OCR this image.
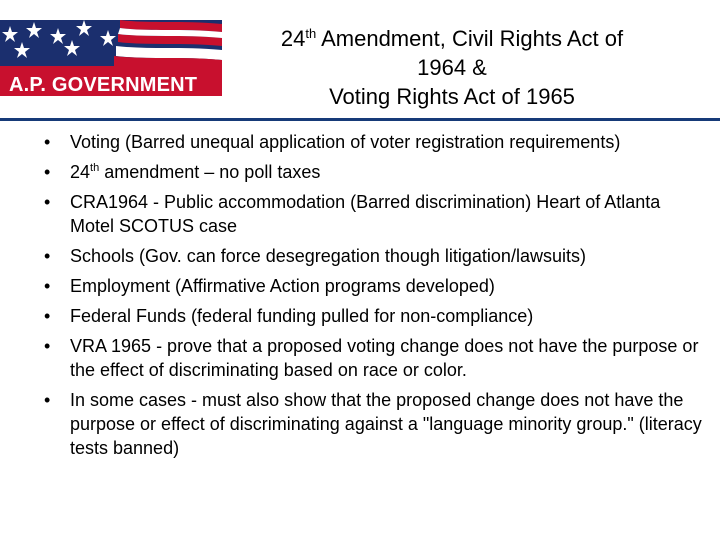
A.P. GOVERNMENT
24th Amendment, Civil Rights Act of
1964 &
Voting Rights Act of 1965
• Voting (Barred unequal application of voter registration requirements)
• 24th amendment – no poll taxes
• CRA1964 - Public accommodation (Barred discrimination) Heart of Atlanta Motel SCOTUS case
• Schools (Gov. can force desegregation though litigation/lawsuits)
• Employment (Affirmative Action programs developed)
• Federal Funds (federal funding pulled for non-compliance)
• VRA 1965 - prove that a proposed voting change does not have the purpose or the effect of discriminating based on race or color.
• In some cases - must also show that the proposed change does not have the purpose or effect of discriminating against a "language minority group." (literacy tests banned)
